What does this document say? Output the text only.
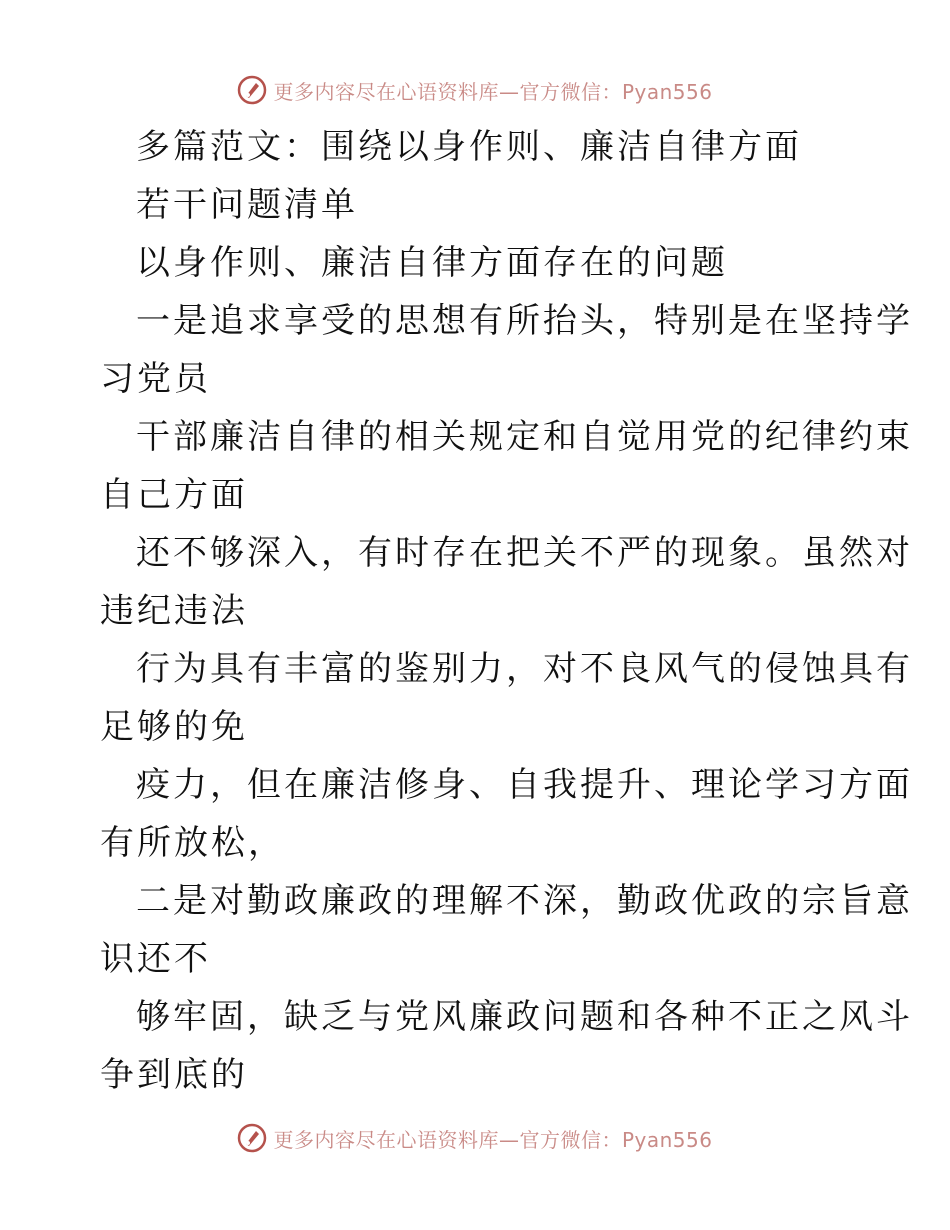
更多内容尽在心语资料库—官方微信：Pyan556

多篇范文：围绕以身作则、廉洁自律方面

若干问题清单

以身作则、廉洁自律方面存在的问题

一是追求享受的思想有所抬头，特别是在坚持学
习党员
干部廉洁自律的相关规定和自觉用党的纪律约束
自己方面
还不够深入，有时存在把关不严的现象。虽然对
违纪违法
行为具有丰富的鉴别力，对不良风气的侵蚀具有
足够的免
疫力，但在廉洁修身、自我提升、理论学习方面
有所放松，
二是对勤政廉政的理解不深，勤政优政的宗旨意
识还不
够牢固，缺乏与党风廉政问题和各种不正之风斗
争到底的
更多内容尽在心语资料库—官方微信：Pyan556
